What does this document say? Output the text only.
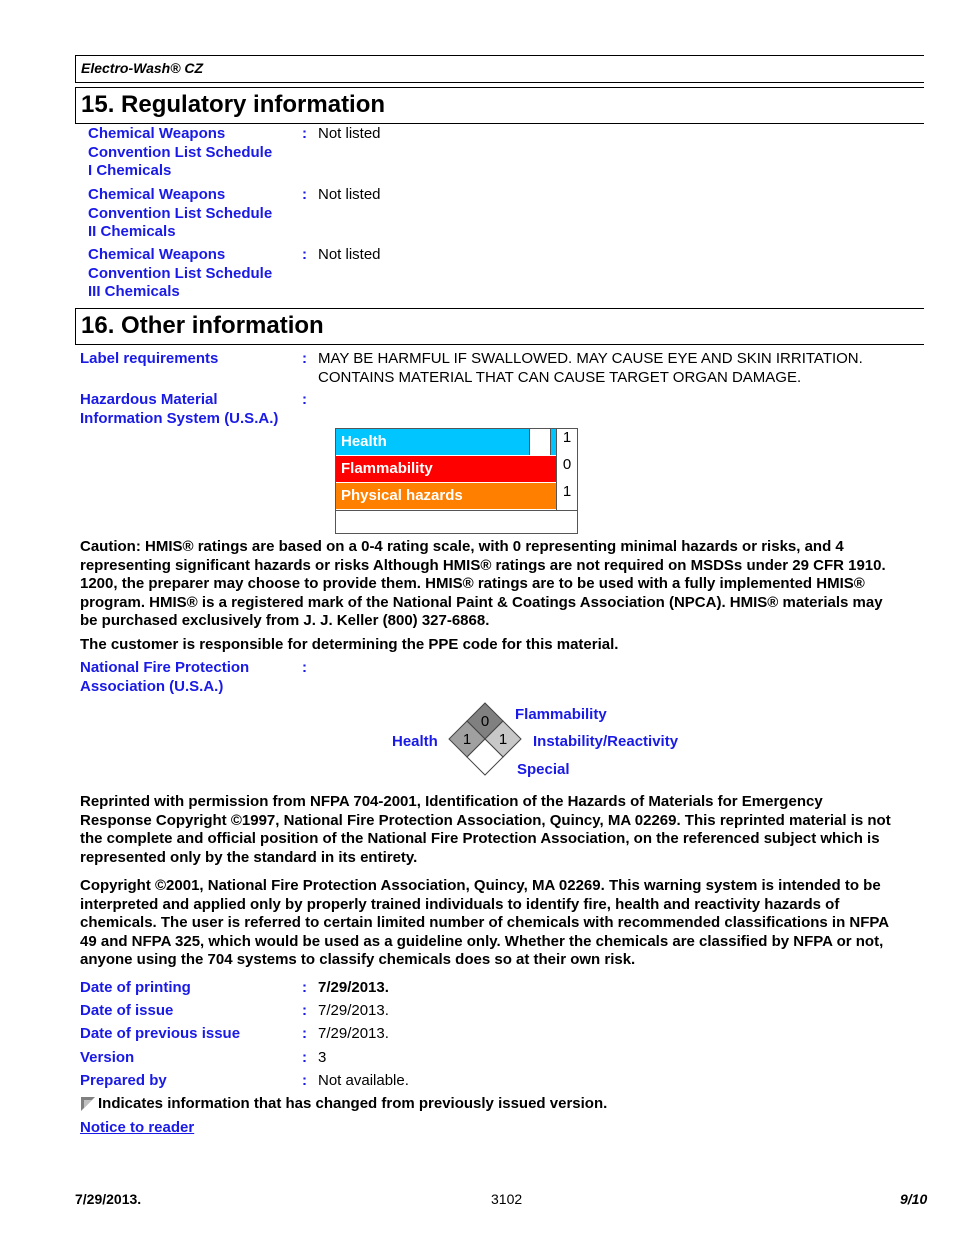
Electro-Wash® CZ
15. Regulatory information
Chemical Weapons
Convention List Schedule
I Chemicals
: Not listed
Chemical Weapons
Convention List Schedule
II Chemicals
: Not listed
Chemical Weapons
Convention List Schedule
III Chemicals
: Not listed
16. Other information
Label requirements	: MAY BE HARMFUL IF SWALLOWED. MAY CAUSE EYE AND SKIN IRRITATION.
CONTAINS MATERIAL THAT CAN CAUSE TARGET ORGAN DAMAGE.
Hazardous Material
Information System (U.S.A.)
:
Health	1
Flammability	0
Physical hazards	1
Caution: HMIS® ratings are based on a 0-4 rating scale, with 0 representing minimal hazards or risks, and 4
representing significant hazards or risks Although HMIS® ratings are not required on MSDSs under 29 CFR 1910.
1200, the preparer may choose to provide them. HMIS® ratings are to be used with a fully implemented HMIS®
program. HMIS® is a registered mark of the National Paint & Coatings Association (NPCA). HMIS® materials may
be purchased exclusively from J. J. Keller (800) 327-6868.
The customer is responsible for determining the PPE code for this material.
National Fire Protection
Association (U.S.A.)
:
0
1 1
Health
Flammability
Instability/Reactivity
Special
Reprinted with permission from NFPA 704-2001, Identification of the Hazards of Materials for Emergency
Response Copyright ©1997, National Fire Protection Association, Quincy, MA 02269. This reprinted material is not
the complete and official position of the National Fire Protection Association, on the referenced subject which is
represented only by the standard in its entirety.
Copyright ©2001, National Fire Protection Association, Quincy, MA 02269. This warning system is intended to be
interpreted and applied only by properly trained individuals to identify fire, health and reactivity hazards of
chemicals. The user is referred to certain limited number of chemicals with recommended classifications in NFPA
49 and NFPA 325, which would be used as a guideline only. Whether the chemicals are classified by NFPA or not,
anyone using the 704 systems to classify chemicals does so at their own risk.
Date of printing	: 7/29/2013.
Date of issue	: 7/29/2013.
Date of previous issue	: 7/29/2013.
Version	: 3
Prepared by	: Not available.
Indicates information that has changed from previously issued version.
Notice to reader
7/29/2013.	3102	9/10
